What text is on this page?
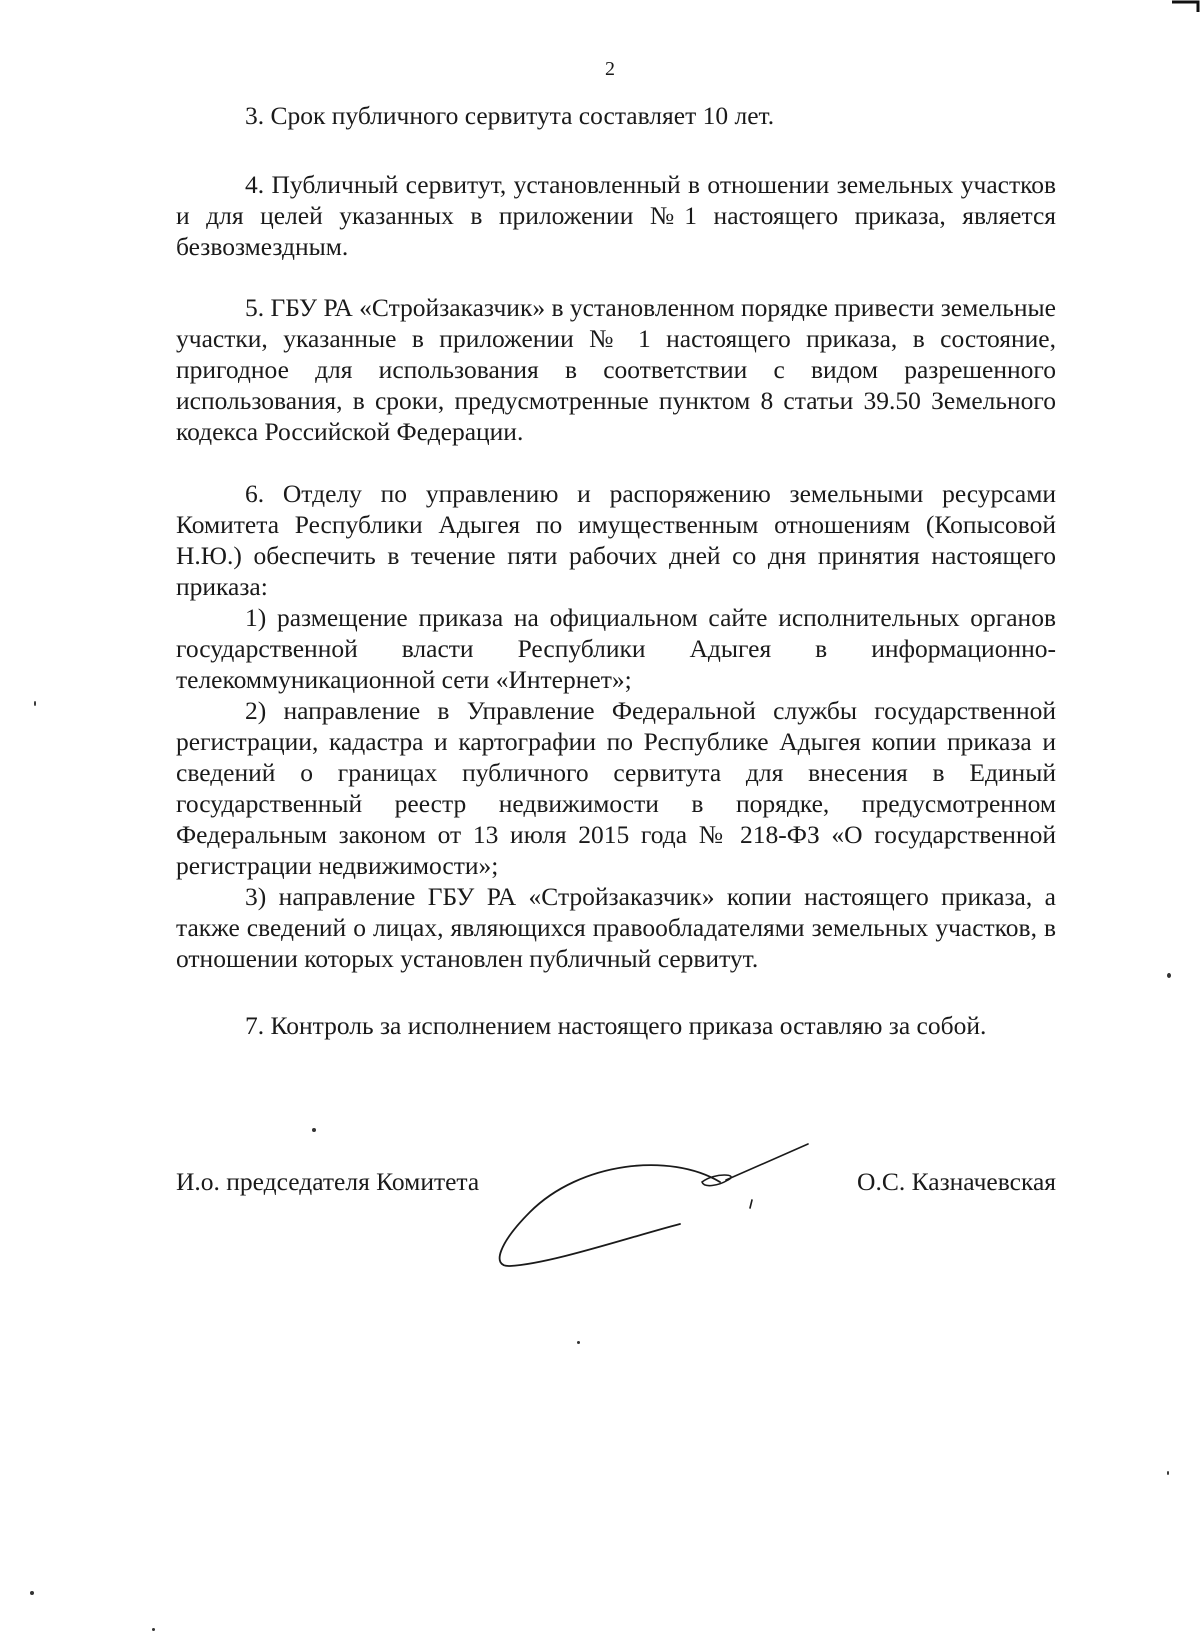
2

3. Срок публичного сервитута составляет 10 лет.

4. Публичный сервитут, установленный в отношении земельных участков и для целей указанных в приложении №1 настоящего приказа, является безвозмездным.

5. ГБУ РА «Стройзаказчик» в установленном порядке привести земельные участки, указанные в приложении № 1 настоящего приказа, в состояние, пригодное для использования в соответствии с видом разрешенного использования, в сроки, предусмотренные пунктом 8 статьи 39.50 Земельного кодекса Российской Федерации.

6. Отделу по управлению и распоряжению земельными ресурсами Комитета Республики Адыгея по имущественным отношениям (Копысовой Н.Ю.) обеспечить в течение пяти рабочих дней со дня принятия настоящего приказа:

1) размещение приказа на официальном сайте исполнительных органов государственной власти Республики Адыгея в информационно-телекоммуникационной сети «Интернет»;

2) направление в Управление Федеральной службы государственной регистрации, кадастра и картографии по Республике Адыгея копии приказа и сведений о границах публичного сервитута для внесения в Единый государственный реестр недвижимости в порядке, предусмотренном Федеральным законом от 13 июля 2015 года № 218-ФЗ «О государственной регистрации недвижимости»;

3) направление ГБУ РА «Стройзаказчик» копии настоящего приказа, а также сведений о лицах, являющихся правообладателями земельных участков, в отношении которых установлен публичный сервитут.

7. Контроль за исполнением настоящего приказа оставляю за собой.

И.о. председателя Комитета	О.С. Казначевская
